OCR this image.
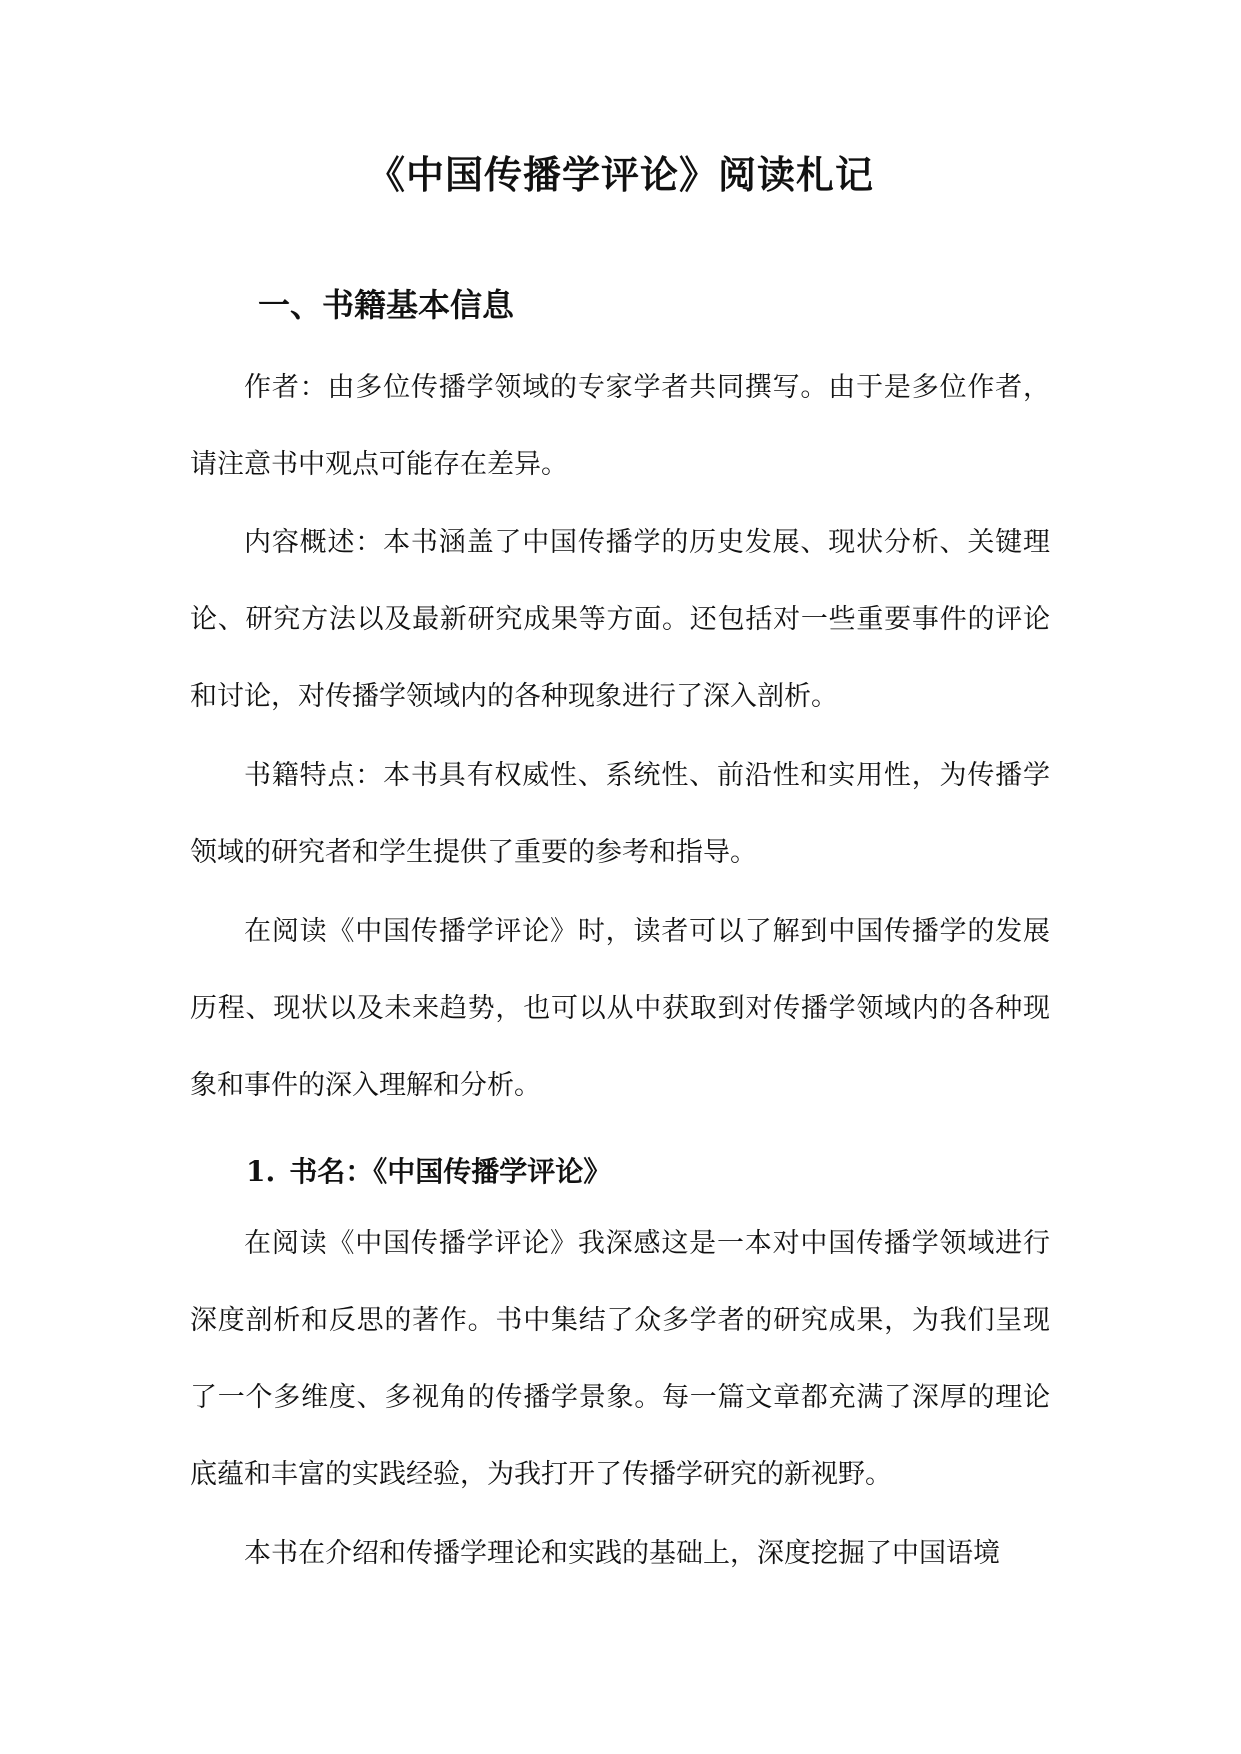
《中国传播学评论》阅读札记
一、书籍基本信息

作者：由多位传播学领域的专家学者共同撰写。由于是多位作者，请注意书中观点可能存在差异。

内容概述：本书涵盖了中国传播学的历史发展、现状分析、关键理论、研究方法以及最新研究成果等方面。还包括对一些重要事件的评论和讨论，对传播学领域内的各种现象进行了深入剖析。

书籍特点：本书具有权威性、系统性、前沿性和实用性，为传播学领域的研究者和学生提供了重要的参考和指导。

在阅读《中国传播学评论》时，读者可以了解到中国传播学的发展历程、现状以及未来趋势，也可以从中获取到对传播学领域内的各种现象和事件的深入理解和分析。

1. 书名：《中国传播学评论》

在阅读《中国传播学评论》我深感这是一本对中国传播学领域进行深度剖析和反思的著作。书中集结了众多学者的研究成果，为我们呈现了一个多维度、多视角的传播学景象。每一篇文章都充满了深厚的理论底蕴和丰富的实践经验，为我打开了传播学研究的新视野。

本书在介绍和传播学理论和实践的基础上，深度挖掘了中国语境
